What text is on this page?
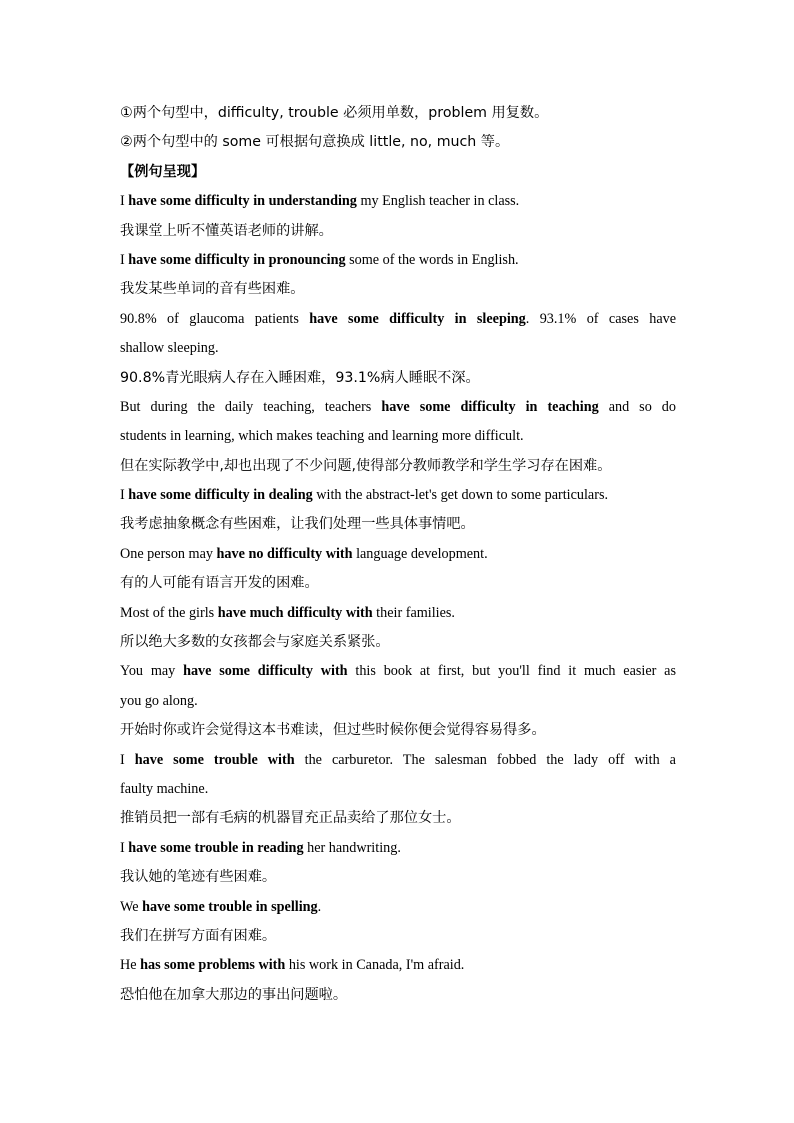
①两个句型中，difficulty, trouble 必须用单数，problem 用复数。
②两个句型中的 some 可根据句意换成 little, no, much 等。
【例句呈现】
I have some difficulty in understanding my English teacher in class.
我课堂上听不懂英语老师的讲解。
I have some difficulty in pronouncing some of the words in English.
我发某些单词的音有些困难。
90.8% of glaucoma patients have some difficulty in sleeping. 93.1% of cases have
shallow sleeping.
90.8%青光眼病人存在入睡困难，93.1%病人睡眠不深。
But during the daily teaching, teachers have some difficulty in teaching and so do
students in learning, which makes teaching and learning more difficult.
但在实际教学中,却也出现了不少问题,使得部分教师教学和学生学习存在困难。
I have some difficulty in dealing with the abstract-let's get down to some particulars.
我考虑抽象概念有些困难，让我们处理一些具体事情吧。
One person may have no difficulty with language development.
有的人可能有语言开发的困难。
Most of the girls have much difficulty with their families.
所以绝大多数的女孩都会与家庭关系紧张。
You may have some difficulty with this book at first, but you'll find it much easier as
you go along.
开始时你或许会觉得这本书难读，但过些时候你便会觉得容易得多。
I have some trouble with the carburetor. The salesman fobbed the lady off with a
faulty machine.
推销员把一部有毛病的机器冒充正品卖给了那位女士。
I have some trouble in reading her handwriting.
我认她的笔迹有些困难。
We have some trouble in spelling.
我们在拼写方面有困难。
He has some problems with his work in Canada, I'm afraid.
恐怕他在加拿大那边的事出问题啦。
